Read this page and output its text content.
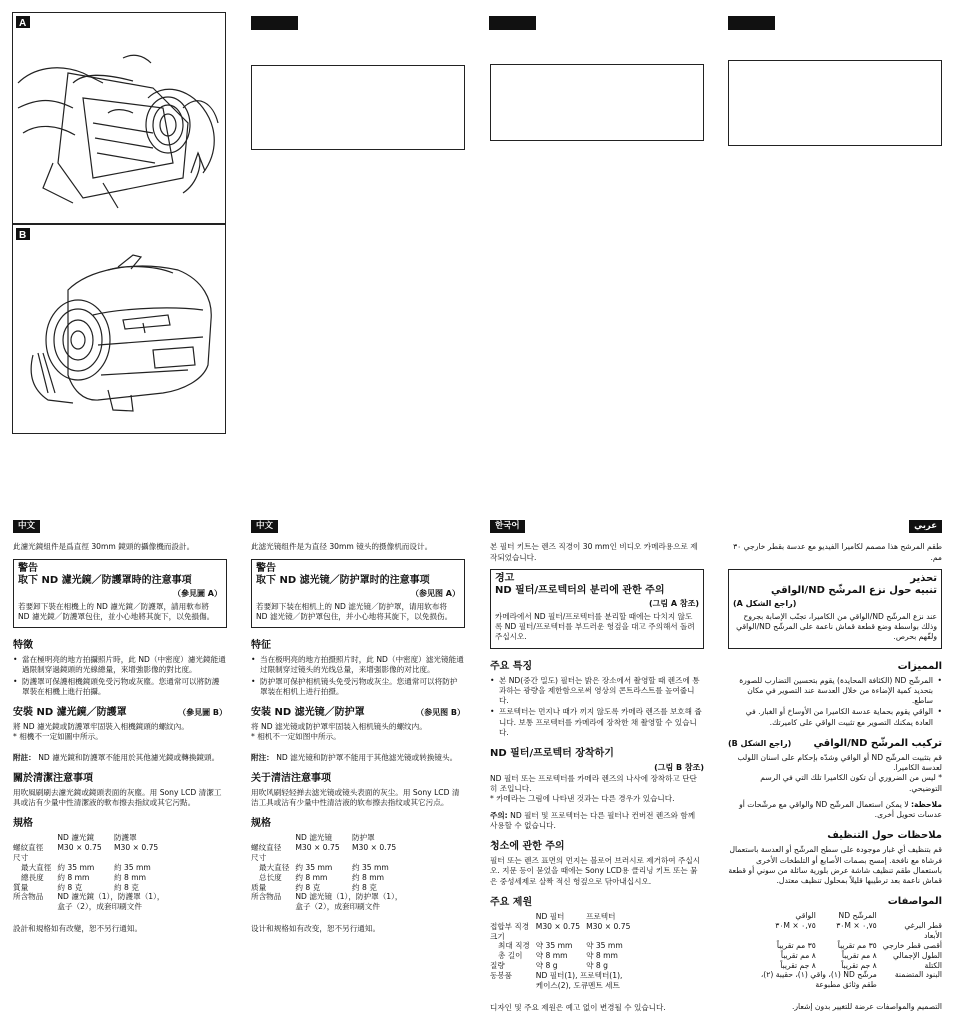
A
B
中文
此濾光鏡組件是爲直徑 30mm 鏡頭的攝像機而設計。
警告
取下 ND 濾光鏡／防護罩時的注意事項
（參見圖 A）
若要卸下裝在相機上的 ND 濾光鏡／防護罩，請用軟布將 ND 濾光鏡／防護罩包住，並小心地將其旋下，以免損傷。
特徵
• 當在極明亮的地方拍攝照片時，此 ND（中密度）濾光鏡能通過限制穿過鏡頭的光線總量，來增強影像的對比度。
• 防護罩可保護相機鏡頭免受污物或灰塵。您通常可以將防護罩裝在相機上進行拍攝。
安裝 ND 濾光鏡／防護罩	（參見圖 B）
將 ND 濾光鏡或防護罩牢固裝入相機鏡頭的螺紋內。
* 相機不一定如圖中所示。
附註： ND 濾光鏡和防護罩不能用於其他濾光鏡或轉換鏡頭。
關於清潔注意事項
用吹風刷刷去濾光鏡或鏡頭表面的灰塵。用 Sony LCD 清潔工具或沾有少量中性清潔液的軟布擦去指紋或其它污點。
規格
	ND 濾光鏡	防護罩
螺紋直徑	M30 × 0.75	M30 × 0.75
尺寸		
最大直徑	約 35 mm	約 35 mm
總長度	約 8 mm	約 8 mm
質量	約 8 克	約 8 克
所含物品	ND 濾光鏡（1），防護罩（1），	
	盒子（2），成套印刷文件	
設計和規格如有改變，恕不另行通知。
中文
此滤光镜组件是为直径 30mm 镜头的摄像机而设计。
警告
取下 ND 滤光镜／防护罩时的注意事项
（参见图 A）
若要卸下装在相机上的 ND 滤光镜／防护罩，请用软布将 ND 滤光镜／防护罩包住，并小心地将其旋下，以免损伤。
特征
• 当在极明亮的地方拍摄照片时，此 ND（中密度）滤光镜能通过限制穿过镜头的光线总量，来增强影像的对比度。
• 防护罩可保护相机镜头免受污物或灰尘。您通常可以将防护罩装在相机上进行拍摄。
安装 ND 滤光镜／防护罩	（参见图 B）
将 ND 滤光镜或防护罩牢固装入相机镜头的螺纹内。
* 相机不一定如图中所示。
附注： ND 滤光镜和防护罩不能用于其他滤光镜或转换镜头。
关于清洁注意事项
用吹风刷轻轻掸去滤光镜或镜头表面的灰尘。用 Sony LCD 清洁工具或沾有少量中性清洁液的软布擦去指纹或其它污点。
规格
	ND 滤光镜	防护罩
螺纹直径	M30 × 0.75	M30 × 0.75
尺寸		
最大直径	约 35 mm	约 35 mm
总长度	约 8 mm	约 8 mm
质量	约 8 克	约 8 克
所含物品	ND 滤光镜（1），防护罩（1），	
	盒子（2），成套印刷文件	
设计和规格如有改变，恕不另行通知。
한국어
본 필터 키트는 렌즈 직경이 30 mm인 비디오 카메라용으로 제작되었습니다.
경고
ND 필터/프로텍터의 분리에 관한 주의
(그림 A 참조)
카메라에서 ND 필터/프로텍터를 분리할 때에는 다치지 않도록 ND 필터/프로텍터를 부드러운 헝겊을 대고 주의해서 돌려 주십시오.
주요 특징
• 본 ND(중간 밀도) 필터는 밝은 장소에서 촬영할 때 렌즈에 통과하는 광량을 제한함으로써 영상의 콘트라스트를 높여줍니다.
• 프로텍터는 먼지나 때가 끼지 않도록 카메라 렌즈를 보호해 줍니다. 보통 프로텍터를 카메라에 장착한 채 촬영할 수 있습니다.
ND 필터/프로텍터 장착하기
(그림 B 참조)
ND 필터 또는 프로텍터를 카메라 렌즈의 나사에 장착하고 단단히 조입니다.
* 카메라는 그림에 나타낸 것과는 다른 경우가 있습니다.
주의: ND 필터 및 프로텍터는 다른 필터나 컨버전 렌즈와 함께 사용할 수 없습니다.
청소에 관한 주의
필터 또는 렌즈 표면의 먼지는 블로어 브러시로 제거하여 주십시오. 지문 등이 묻었을 때에는 Sony LCD용 클리닝 키트 또는 묽은 중성세제로 살짝 적신 헝겊으로 닦아내십시오.
주요 제원
	ND 필터	프로텍터
접합부 직경	M30 × 0.75	M30 × 0.75
크기		
최대 직경	약 35 mm	약 35 mm
총 길이	약 8 mm	약 8 mm
질량	약 8 g	약 8 g
동봉품	ND 필터(1), 프로텍터(1),	
	케이스(2), 도큐멘트 세트	
디자인 및 주요 제원은 예고 없이 변경될 수 있습니다.
عربي
طقم المرشح هذا مصمم لكاميرا الفيديو مع عدسة بقطر خارجي ٣٠ مم.
تحذير
تنبيه حول نزع المرشّح ND/الواقي
(راجع الشكل A)
عند نزع المرشّح ND/الواقي من الكاميرا، تجنّب الإصابة بجروح وذلك بواسطة وضع قطعة قماش ناعمة على المرشّح ND/الواقي ولفّهم بحرص.
المميزات
• المرشّح ND (الكثافة المحايدة) يقوم بتحسين التضارب للصورة بتحديد كمية الإضاءة من خلال العدسة عند التصوير في مكان ساطع.
• الواقي يقوم بحماية عدسة الكاميرا من الأوساخ أو الغبار. في العادة يمكنك التصوير مع تثبيت الواقي على كاميرتك.
تركيب المرشّح ND/الواقي
(راجع الشكل B)
قم بتثبيت المرشّح ND أو الواقي وشدّه بإحكام على اسنان اللولب لعدسة الكاميرا.
* ليس من الضروري أن تكون الكاميرا تلك التي في الرسم التوضيحي.
ملاحظة: لا يمكن استعمال المرشّح ND والواقي مع مرشّحات أو عدسات تحويل أخرى.
ملاحظات حول التنظيف
قم بتنظيف أي غبار موجودة على سطح المرشّح أو العدسة باستعمال فرشاة مع نافخة. إمسح بصمات الأصابع أو التلطخات الأخرى باستعمال طقم تنظيف شاشة عرض بلورية سائلة من سوني أو قطعة قماش ناعمة بعد ترطيبها قليلاً بمحلول تنظيف معتدل.
المواصفات
	المرشّح ND	الواقي
قطر البرغي	٠,٧٥ × ٣٠M	٠,٧٥ × ٣٠M
الأبعاد		
أقصى قطر خارجي	٣٥ مم تقريباً	٣٥ مم تقريباً
الطول الإجمالي	٨ مم تقريباً	٨ مم تقريباً
الكتلة	٨ جم تقريباً	٨ جم تقريباً
البنود المتضمنة	مرشّح ND (١)، واقي (١)، حقيبة (٢)،	
	طقم وثائق مطبوعة	
التصميم والمواصفات عرضة للتغيير بدون إشعار.
